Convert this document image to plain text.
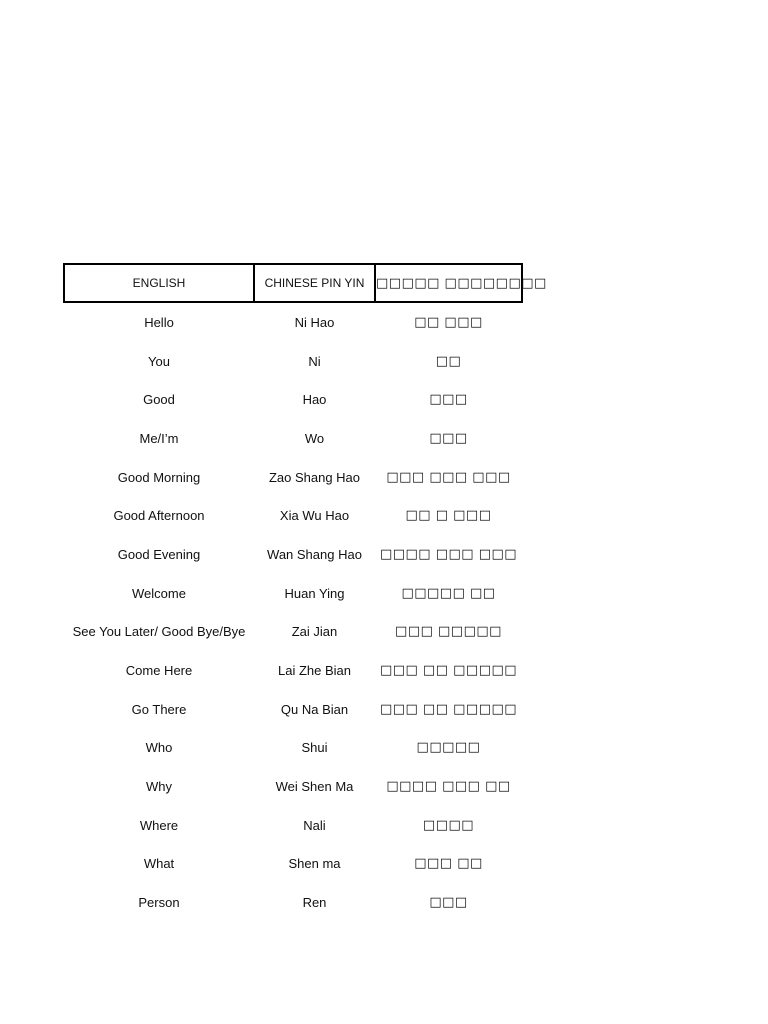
ENGLISH	CHINESE PIN YIN	□□□□□ □□□□□□□□
Hello	Ni Hao	□□ □□□
You	Ni	□□
Good	Hao	□□□
Me/I’m	Wo	□□□
Good Morning	Zao Shang Hao	□□□ □□□ □□□
Good Afternoon	Xia Wu Hao	□□ □ □□□
Good Evening	Wan Shang Hao	□□□□ □□□ □□□
Welcome	Huan Ying	□□□□□ □□
See You Later/ Good Bye/Bye	Zai Jian	□□□ □□□□□
Come Here	Lai Zhe Bian	□□□ □□ □□□□□
Go There	Qu Na Bian	□□□ □□ □□□□□
Who	Shui	□□□□□
Why	Wei Shen Ma	□□□□ □□□ □□
Where	Nali	□□□□
What	Shen ma	□□□ □□
Person	Ren	□□□
